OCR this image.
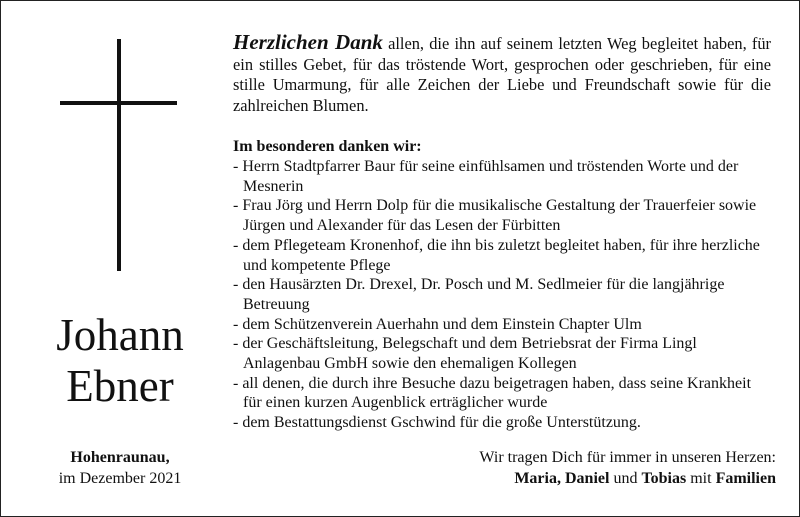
Johann
Ebner
Hohenraunau,
im Dezember 2021
Herzlichen Dank allen, die ihn auf seinem letzten Weg begleitet haben, für ein stilles Gebet, für das tröstende Wort, gesprochen oder geschrieben, für eine stille Umarmung, für alle Zeichen der Liebe und Freundschaft sowie für die zahlreichen Blumen.
Im besonderen danken wir:
- Herrn Stadtpfarrer Baur für seine einfühlsamen und tröstenden Worte und der Mesnerin
- Frau Jörg und Herrn Dolp für die musikalische Gestaltung der Trauerfeier sowie Jürgen und Alexander für das Lesen der Fürbitten
- dem Pflegeteam Kronenhof, die ihn bis zuletzt begleitet haben, für ihre herzliche und kompetente Pflege
- den Hausärzten Dr. Drexel, Dr. Posch und M. Sedlmeier für die langjährige Betreuung
- dem Schützenverein Auerhahn und dem Einstein Chapter Ulm
- der Geschäftsleitung, Belegschaft und dem Betriebsrat der Firma Lingl Anlagenbau GmbH sowie den ehemaligen Kollegen
- all denen, die durch ihre Besuche dazu beigetragen haben, dass seine Krankheit für einen kurzen Augenblick erträglicher wurde
- dem Bestattungsdienst Gschwind für die große Unterstützung.
Wir tragen Dich für immer in unseren Herzen:
Maria, Daniel und Tobias mit Familien
